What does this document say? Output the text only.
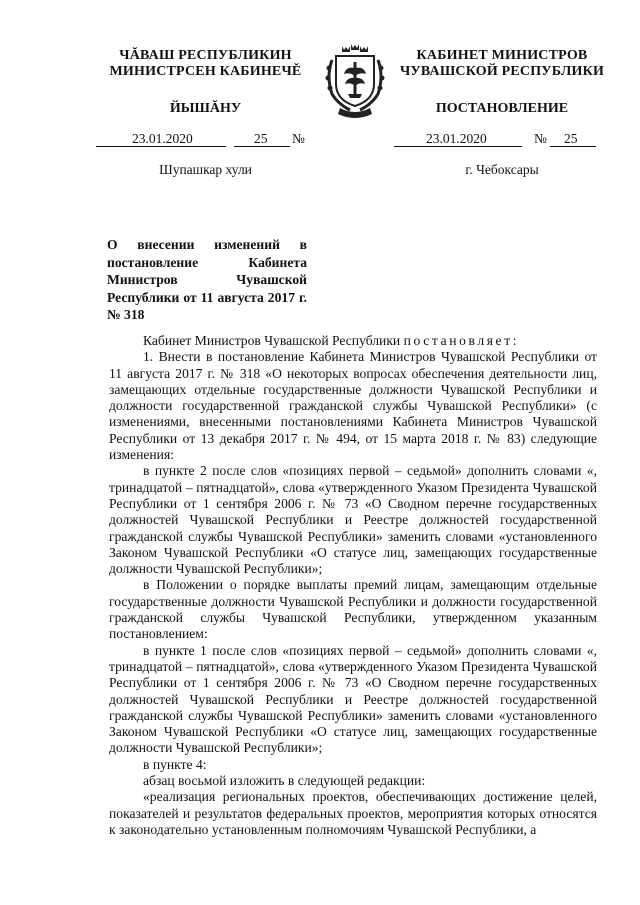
ЧĂВАШ РЕСПУБЛИКИН
МИНИСТРСЕН КАБИНЕЧĚ
ЙЫШĂНУ
КАБИНЕТ МИНИСТРОВ
ЧУВАШСКОЙ РЕСПУБЛИКИ
ПОСТАНОВЛЕНИЕ
23.01.2020	25 №	23.01.2020	№ 25
Шупашкар хули	г. Чебоксары
О внесении изменений в постановление Кабинета Министров Чувашской Республики от 11 августа 2017 г. № 318

Кабинет Министров Чувашской Республики постановляет:

1. Внести в постановление Кабинета Министров Чувашской Республики от 11 августа 2017 г. № 318 «О некоторых вопросах обеспечения деятельности лиц, замещающих отдельные государственные должности Чувашской Республики и должности государственной гражданской службы Чувашской Республики» (с изменениями, внесенными постановлениями Кабинета Министров Чувашской Республики от 13 декабря 2017 г. № 494, от 15 марта 2018 г. № 83) следующие изменения:

в пункте 2 после слов «позициях первой – седьмой» дополнить словами «, тринадцатой – пятнадцатой», слова «утвержденного Указом Президента Чувашской Республики от 1 сентября 2006 г. № 73 «О Сводном перечне государственных должностей Чувашской Республики и Реестре должностей государственной гражданской службы Чувашской Республики» заменить словами «установленного Законом Чувашской Республики «О статусе лиц, замещающих государственные должности Чувашской Республики»;

в Положении о порядке выплаты премий лицам, замещающим отдельные государственные должности Чувашской Республики и должности государственной гражданской службы Чувашской Республики, утвержденном указанным постановлением:

в пункте 1 после слов «позициях первой – седьмой» дополнить словами «, тринадцатой – пятнадцатой», слова «утвержденного Указом Президента Чувашской Республики от 1 сентября 2006 г. № 73 «О Сводном перечне государственных должностей Чувашской Республики и Реестре должностей государственной гражданской службы Чувашской Республики» заменить словами «установленного Законом Чувашской Республики «О статусе лиц, замещающих государственные должности Чувашской Республики»;

в пункте 4:

абзац восьмой изложить в следующей редакции:

«реализация региональных проектов, обеспечивающих достижение целей, показателей и результатов федеральных проектов, мероприятия которых относятся к законодательно установленным полномочиям Чувашской Республики, а
